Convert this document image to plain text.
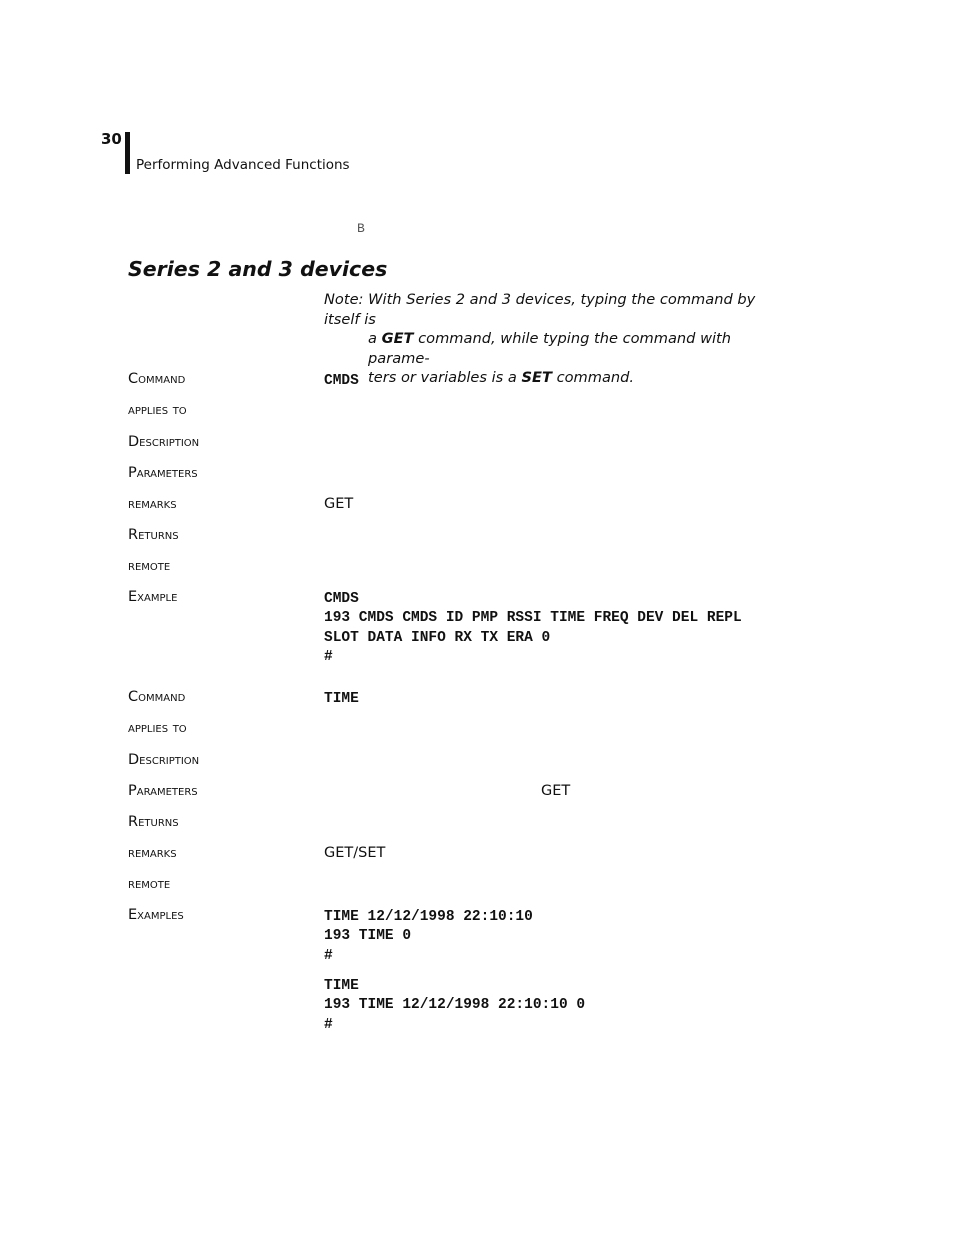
30
Performing Advanced Functions
B
Series 2 and 3 devices
Note: With Series 2 and 3 devices, typing the command by itself is
a GET command, while typing the command with parame-
ters or variables is a SET command.
Command	CMDS
applies to
Description
Parameters
remarks	GET
Returns
remote
Example	CMDS
193 CMDS CMDS ID PMP RSSI TIME FREQ DEV DEL REPL
SLOT DATA INFO RX TX ERA 0
#
Command	TIME
applies to
Description
Parameters	GET
Returns
remarks	GET/SET
remote
Examples	TIME 12/12/1998 22:10:10
193 TIME 0
#
TIME
193 TIME 12/12/1998 22:10:10 0
#
